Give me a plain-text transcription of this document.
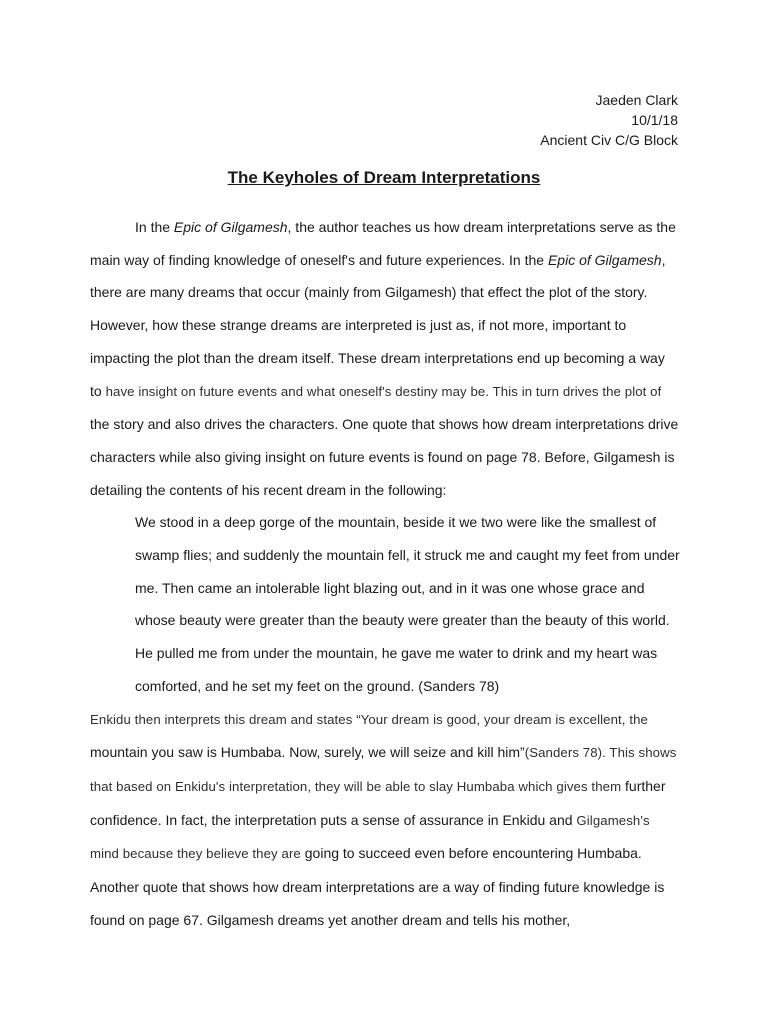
Jaeden Clark
10/1/18
Ancient Civ C/G Block
The Keyholes of Dream Interpretations

In the Epic of Gilgamesh, the author teaches us how dream interpretations serve as the main way of finding knowledge of oneself's and future experiences. In the Epic of Gilgamesh, there are many dreams that occur (mainly from Gilgamesh) that effect the plot of the story. However, how these strange dreams are interpreted is just as, if not more, important to impacting the plot than the dream itself. These dream interpretations end up becoming a way to have insight on future events and what oneself's destiny may be. This in turn drives the plot of the story and also drives the characters. One quote that shows how dream interpretations drive characters while also giving insight on future events is found on page 78. Before, Gilgamesh is detailing the contents of his recent dream in the following:

We stood in a deep gorge of the mountain, beside it we two were like the smallest of swamp flies; and suddenly the mountain fell, it struck me and caught my feet from under me. Then came an intolerable light blazing out, and in it was one whose grace and whose beauty were greater than the beauty were greater than the beauty of this world. He pulled me from under the mountain, he gave me water to drink and my heart was comforted, and he set my feet on the ground. (Sanders 78)

Enkidu then interprets this dream and states “Your dream is good, your dream is excellent, the mountain you saw is Humbaba. Now, surely, we will seize and kill him”(Sanders 78). This shows that based on Enkidu's interpretation, they will be able to slay Humbaba which gives them further confidence. In fact, the interpretation puts a sense of assurance in Enkidu and Gilgamesh's mind because they believe they are going to succeed even before encountering Humbaba. Another quote that shows how dream interpretations are a way of finding future knowledge is found on page 67. Gilgamesh dreams yet another dream and tells his mother,
